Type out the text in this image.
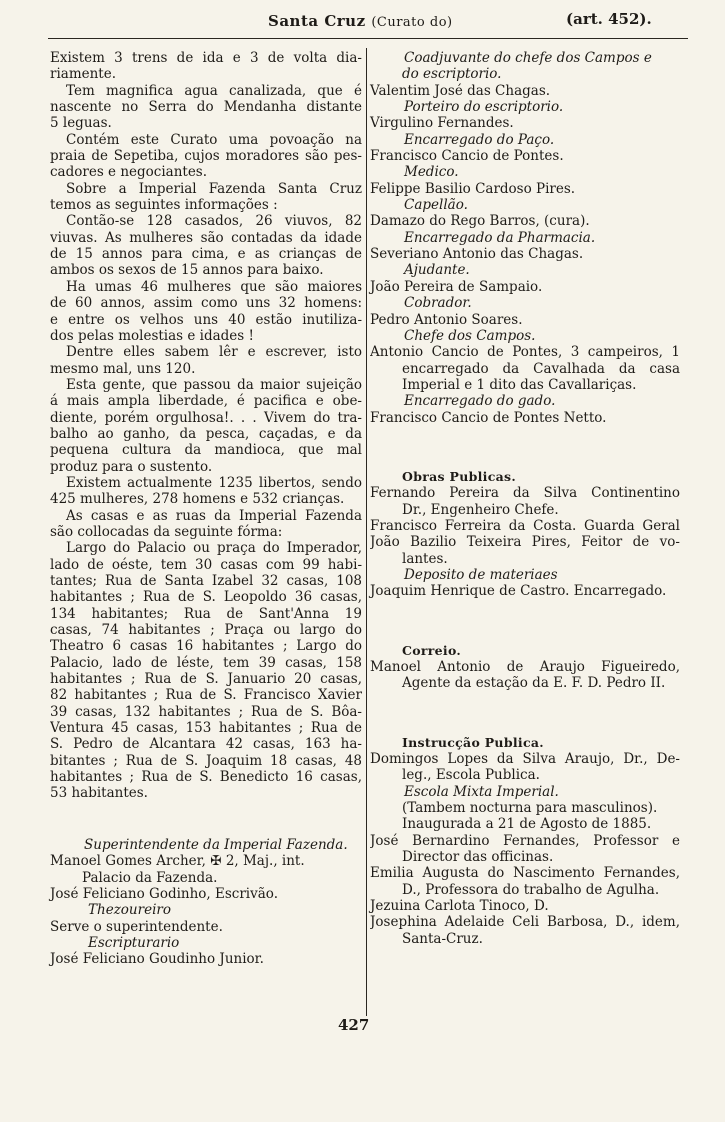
Santa Cruz (Curato do)	(art. 452).

Existem 3 trens de ida e 3 de volta dia-

riamente.

Tem magnifica agua canalizada, que é

nascente no Serra do Mendanha distante

5 leguas.

Contém este Curato uma povoação na

praia de Sepetiba, cujos moradores são pes-

cadores e negociantes.

Sobre a Imperial Fazenda Santa Cruz

temos as seguintes informações :

Contão-se 128 casados, 26 viuvos, 82

viuvas. As mulheres são contadas da idade

de 15 annos para cima, e as crianças de

ambos os sexos de 15 annos para baixo.

Ha umas 46 mulheres que são maiores

de 60 annos, assim como uns 32 homens:

e entre os velhos uns 40 estão inutiliza-

dos pelas molestias e idades !

Dentre elles sabem lêr e escrever, isto

mesmo mal, uns 120.

Esta gente, que passou da maior sujeição

á mais ampla liberdade, é pacifica e obe-

diente, porém orgulhosa!. . . Vivem do tra-

balho ao ganho, da pesca, caçadas, e da

pequena cultura da mandioca, que mal

produz para o sustento.

Existem actualmente 1235 libertos, sendo

425 mulheres, 278 homens e 532 crianças.

As casas e as ruas da Imperial Fazenda

são collocadas da seguinte fórma:

Largo do Palacio ou praça do Imperador,

lado de oéste, tem 30 casas com 99 habi-

tantes; Rua de Santa Izabel 32 casas, 108

habitantes ; Rua de S. Leopoldo 36 casas,

134 habitantes; Rua de Sant'Anna 19

casas, 74 habitantes ; Praça ou largo do

Theatro 6 casas 16 habitantes ; Largo do

Palacio, lado de léste, tem 39 casas, 158

habitantes ; Rua de S. Januario 20 casas,

82 habitantes ; Rua de S. Francisco Xavier

39 casas, 132 habitantes ; Rua de S. Bôa-

Ventura 45 casas, 153 habitantes ; Rua de

S. Pedro de Alcantara 42 casas, 163 ha-

bitantes ; Rua de S. Joaquim 18 casas, 48

habitantes ; Rua de S. Benedicto 16 casas,

53 habitantes.

Superintendente da Imperial Fazenda.

Manoel Gomes Archer, ✠ 2, Maj., int.

Palacio da Fazenda.

José Feliciano Godinho, Escrivão.

Thezoureiro

Serve o superintendente.

Escripturario

José Feliciano Goudinho Junior.

Coadjuvante do chefe dos Campos e

do escriptorio.

Valentim José das Chagas.

Porteiro do escriptorio.

Virgulino Fernandes.

Encarregado do Paço.

Francisco Cancio de Pontes.

Medico.

Felippe Basilio Cardoso Pires.

Capellão.

Damazo do Rego Barros, (cura).

Encarregado da Pharmacia.

Severiano Antonio das Chagas.

Ajudante.

João Pereira de Sampaio.

Cobrador.

Pedro Antonio Soares.

Chefe dos Campos.

Antonio Cancio de Pontes, 3 campeiros, 1

encarregado da Cavalhada da casa

Imperial e 1 dito das Cavallariças.

Encarregado do gado.

Francisco Cancio de Pontes Netto.

Obras Publicas.

Fernando Pereira da Silva Continentino

Dr., Engenheiro Chefe.

Francisco Ferreira da Costa. Guarda Geral

João Bazilio Teixeira Pires, Feitor de vo-

lantes.

Deposito de materiaes

Joaquim Henrique de Castro. Encarregado.

Correio.

Manoel Antonio de Araujo Figueiredo,

Agente da estação da E. F. D. Pedro II.

Instrucção Publica.

Domingos Lopes da Silva Araujo, Dr., De-

leg., Escola Publica.

Escola Mixta Imperial.

(Tambem nocturna para masculinos).

Inaugurada a 21 de Agosto de 1885.

José Bernardino Fernandes, Professor e

Director das officinas.

Emilia Augusta do Nascimento Fernandes,

D., Professora do trabalho de Agulha.

Jezuina Carlota Tinoco, D.

Josephina Adelaide Celi Barbosa, D., idem,

Santa-Cruz.

427
